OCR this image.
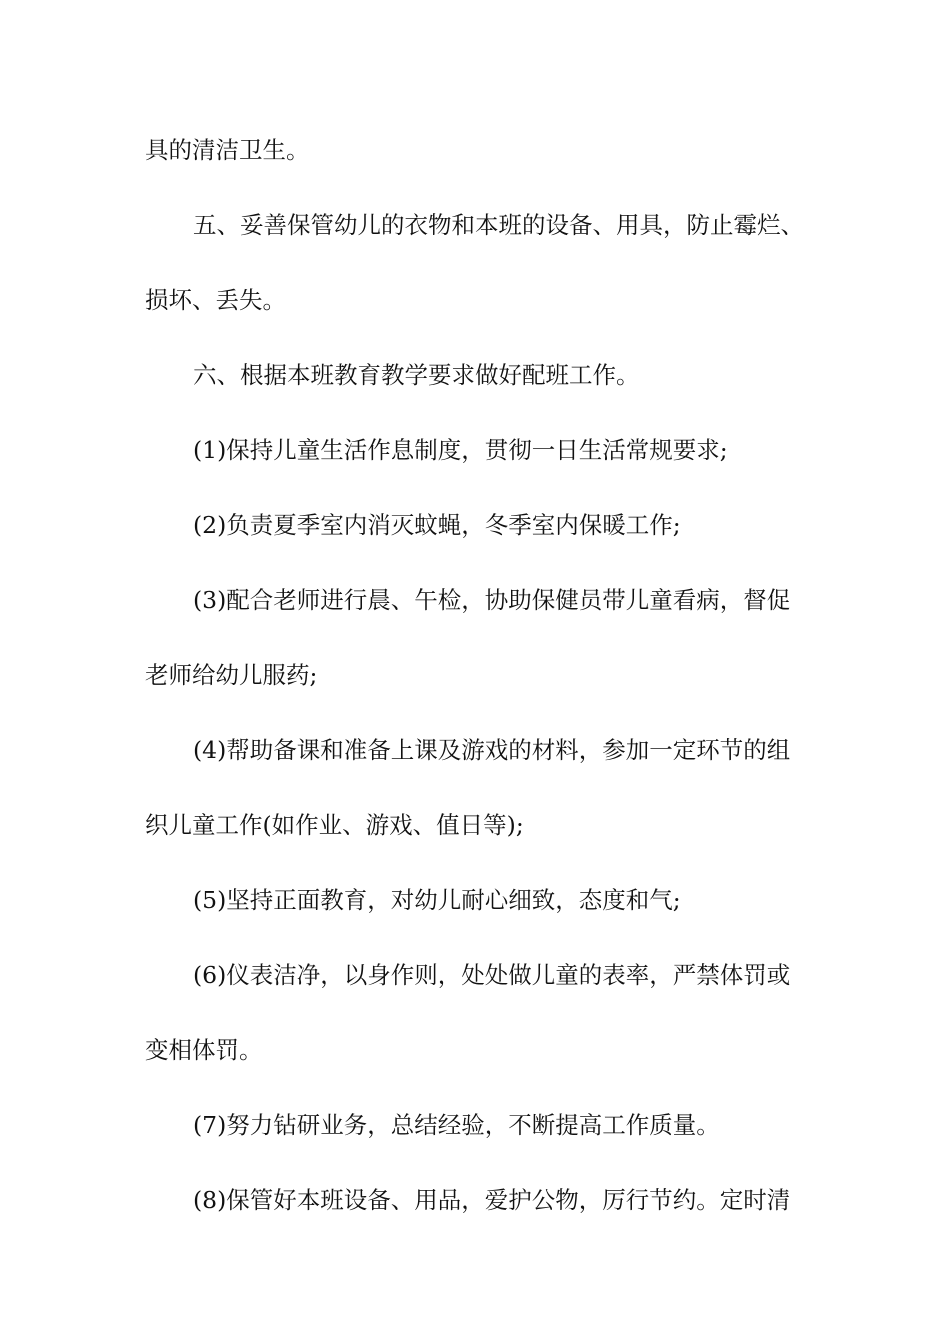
具的清洁卫生。
五、妥善保管幼儿的衣物和本班的设备、用具，防止霉烂、
损坏、丢失。
六、根据本班教育教学要求做好配班工作。
(1)保持儿童生活作息制度，贯彻一日生活常规要求;
(2)负责夏季室内消灭蚊蝇，冬季室内保暖工作;
(3)配合老师进行晨、午检，协助保健员带儿童看病，督促
老师给幼儿服药;
(4)帮助备课和准备上课及游戏的材料，参加一定环节的组
织儿童工作(如作业、游戏、值日等);
(5)坚持正面教育，对幼儿耐心细致，态度和气;
(6)仪表洁净，以身作则，处处做儿童的表率，严禁体罚或
变相体罚。
(7)努力钻研业务，总结经验，不断提高工作质量。
(8)保管好本班设备、用品，爱护公物，厉行节约。定时清
